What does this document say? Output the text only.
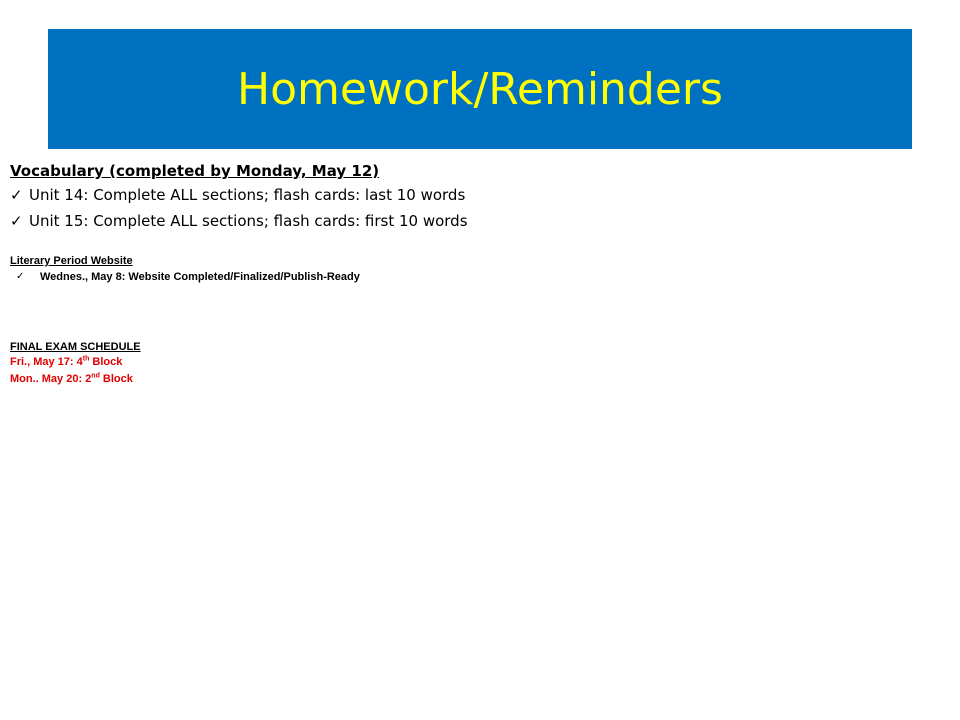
Homework/Reminders

Vocabulary (completed by Monday, May 12)

✓ Unit 14: Complete ALL sections; flash cards: last 10 words
✓ Unit 15: Complete ALL sections; flash cards: first 10 words

Literary Period Website

✓	Wednes., May 8: Website Completed/Finalized/Publish-Ready

FINAL EXAM SCHEDULE

Fri., May 17: 4th Block
Mon.. May 20: 2nd Block
